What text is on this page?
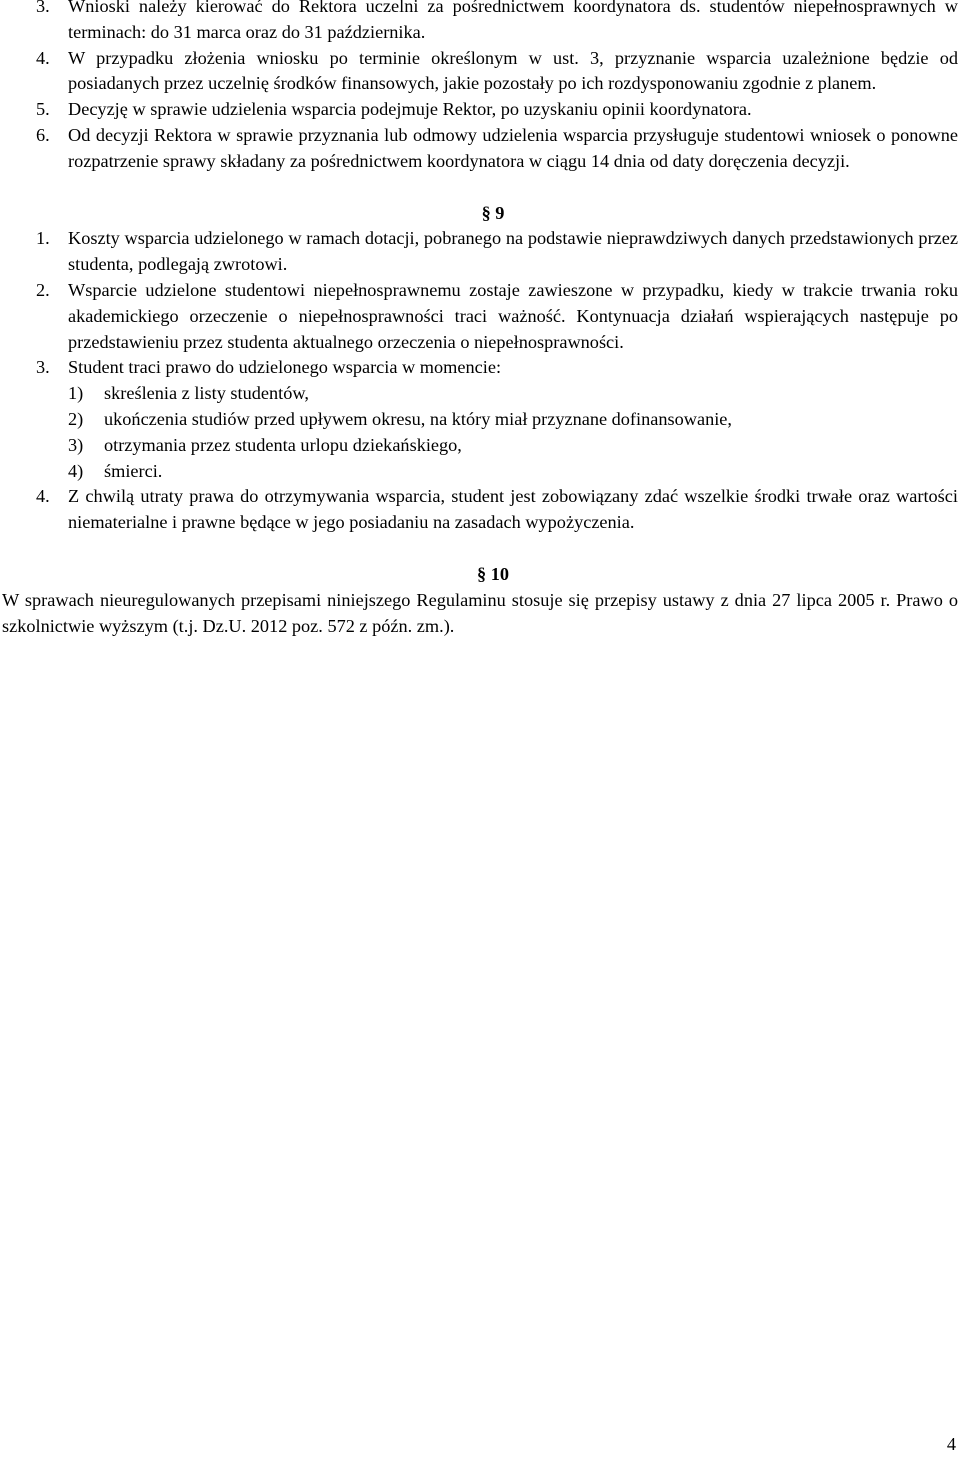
3. Wnioski należy kierować do Rektora uczelni za pośrednictwem koordynatora ds. studentów niepełnosprawnych w terminach: do 31 marca oraz do 31 października.
4. W przypadku złożenia wniosku po terminie określonym w ust. 3, przyznanie wsparcia uzależnione będzie od posiadanych przez uczelnię środków finansowych, jakie pozostały po ich rozdysponowaniu zgodnie z planem.
5. Decyzję w sprawie udzielenia wsparcia podejmuje Rektor, po uzyskaniu opinii koordynatora.
6. Od decyzji Rektora w sprawie przyznania lub odmowy udzielenia wsparcia przysługuje studentowi wniosek o ponowne rozpatrzenie sprawy składany za pośrednictwem koordynatora w ciągu 14 dnia od daty doręczenia decyzji.
§ 9
1. Koszty wsparcia udzielonego w ramach dotacji, pobranego na podstawie nieprawdziwych danych przedstawionych przez studenta, podlegają zwrotowi.
2. Wsparcie udzielone studentowi niepełnosprawnemu zostaje zawieszone w przypadku, kiedy w trakcie trwania roku akademickiego orzeczenie o niepełnosprawności traci ważność. Kontynuacja działań wspierających następuje po przedstawieniu przez studenta aktualnego orzeczenia o niepełnosprawności.
3. Student traci prawo do udzielonego wsparcia w momencie:
1) skreślenia z listy studentów,
2) ukończenia studiów przed upływem okresu, na który miał przyznane dofinansowanie,
3) otrzymania przez studenta urlopu dziekańskiego,
4) śmierci.
4. Z chwilą utraty prawa do otrzymywania wsparcia, student jest zobowiązany zdać wszelkie środki trwałe oraz wartości niematerialne i prawne będące w jego posiadaniu na zasadach wypożyczenia.
§ 10
W sprawach nieuregulowanych przepisami niniejszego Regulaminu stosuje się przepisy ustawy z dnia 27 lipca 2005 r. Prawo o szkolnictwie wyższym (t.j. Dz.U. 2012 poz. 572 z późn. zm.).
4
